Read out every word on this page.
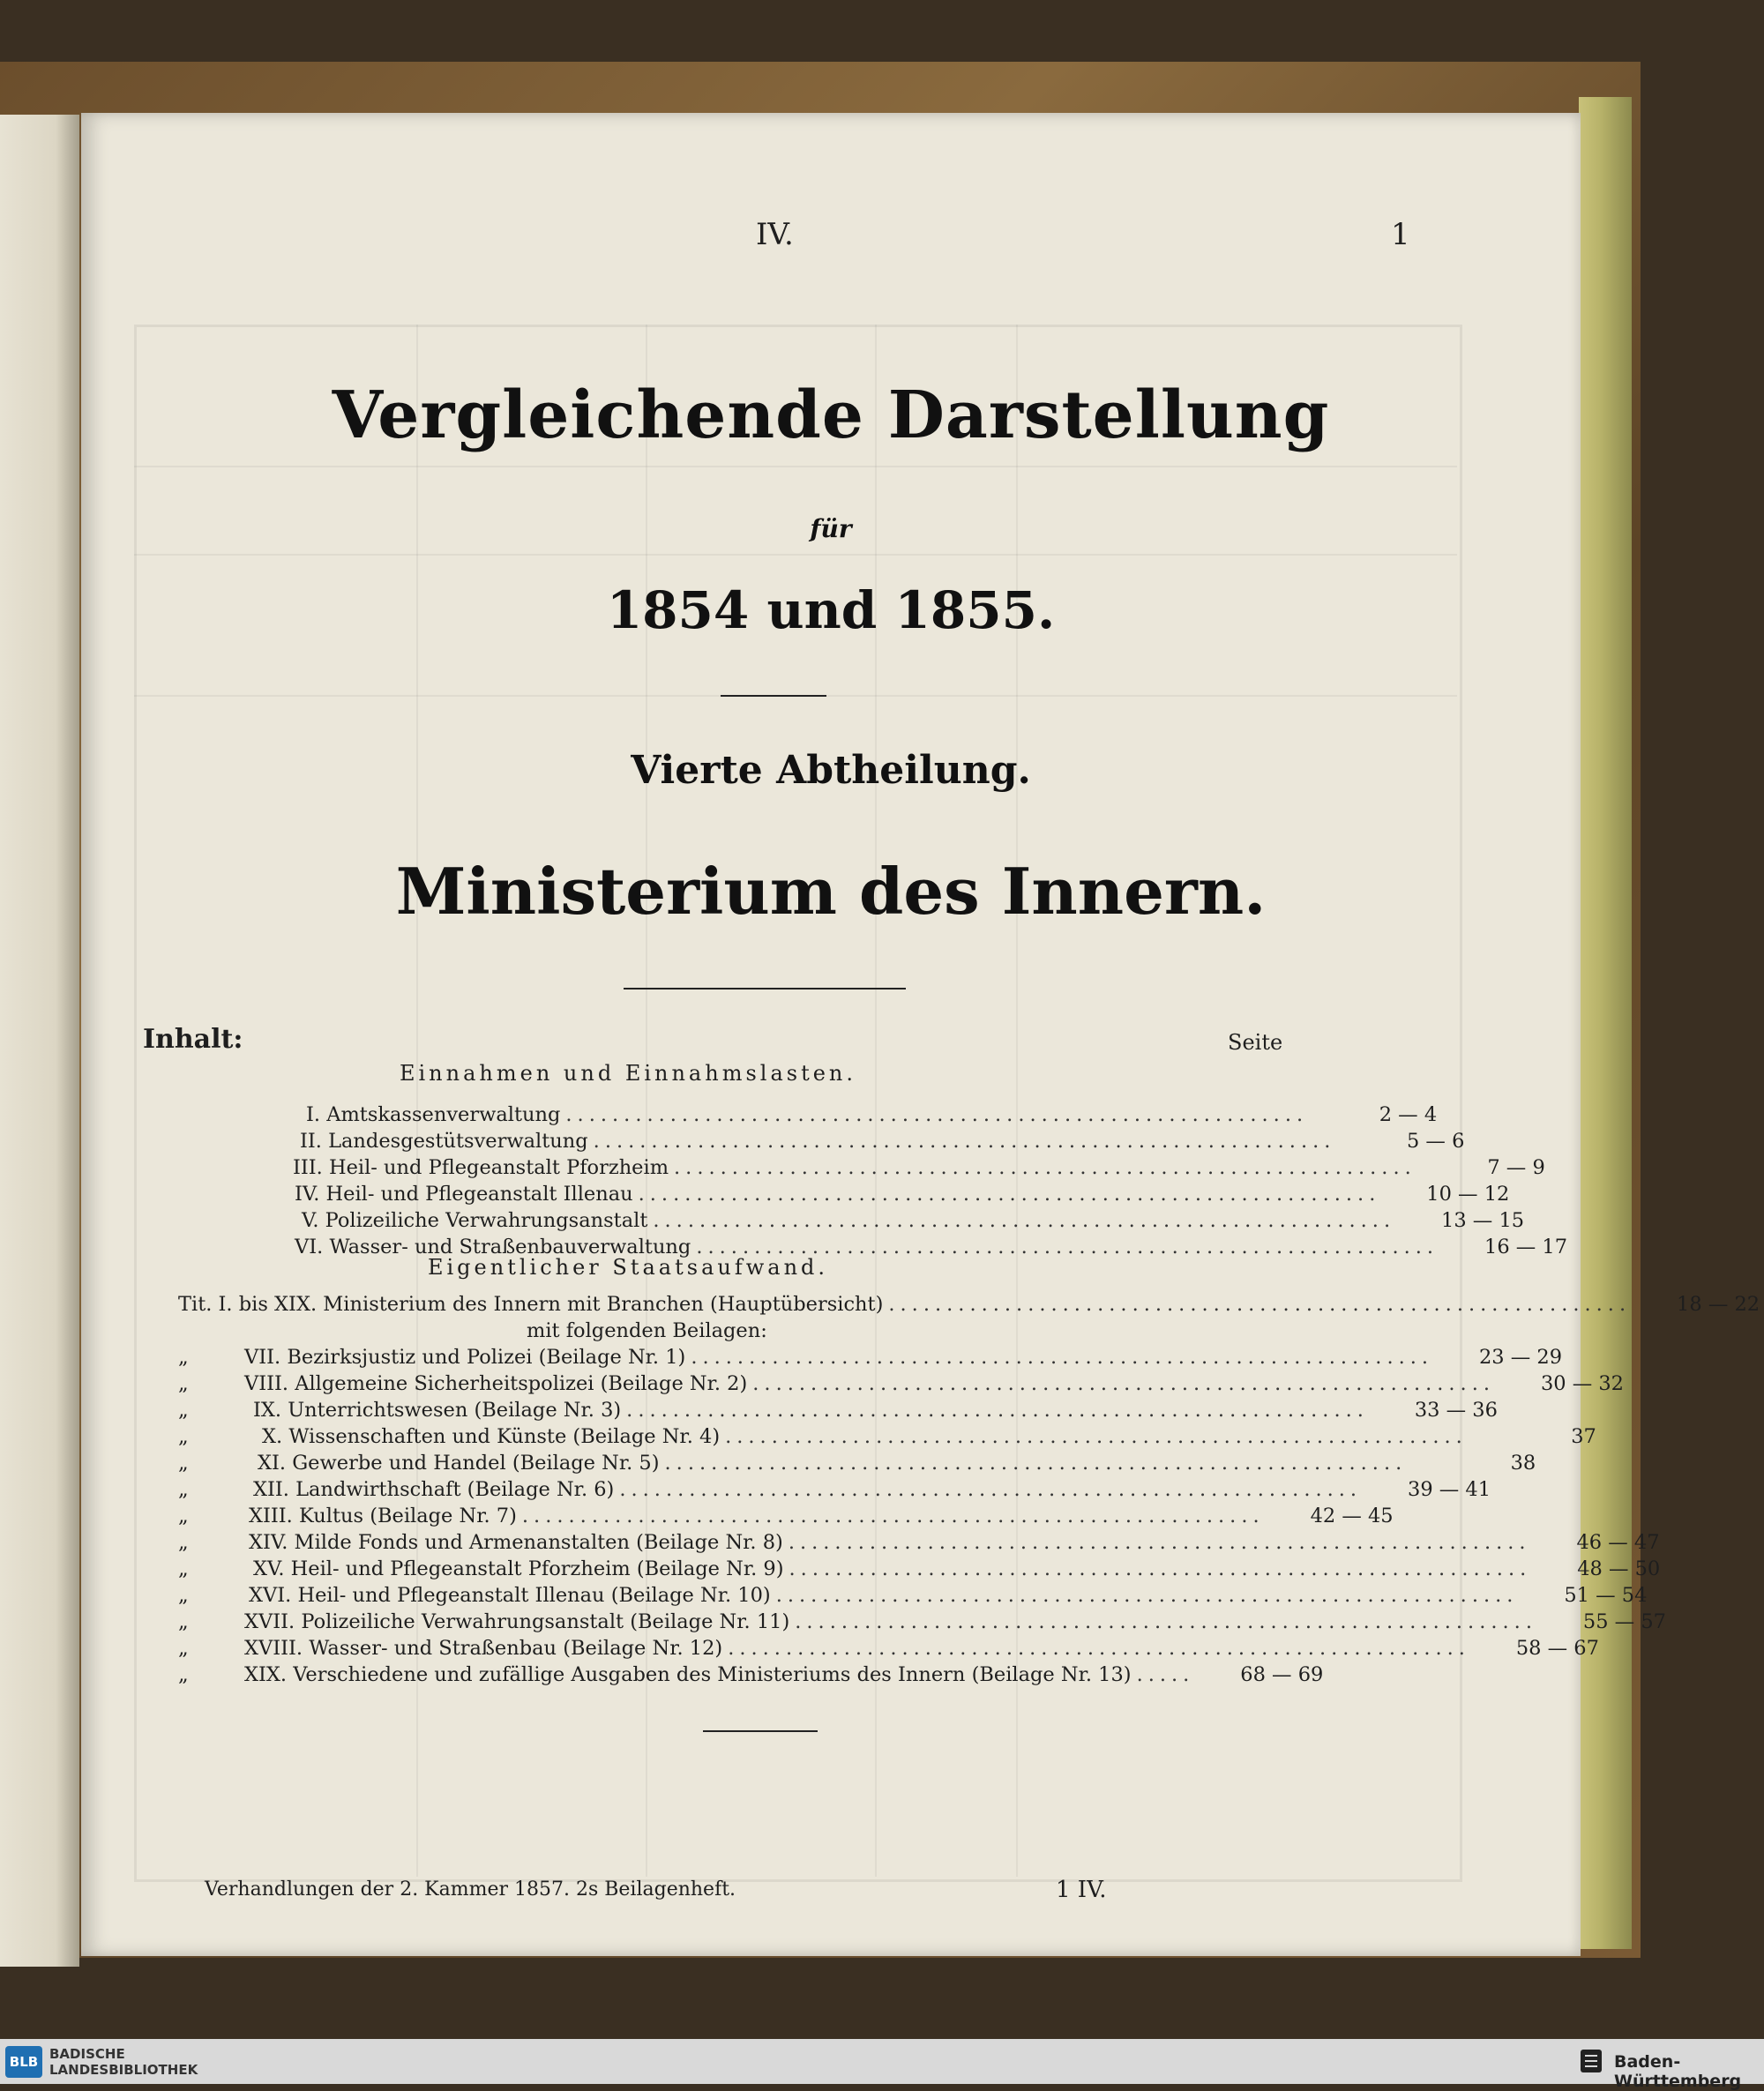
IV.	1
Vergleichende Darstellung
für
1854 und 1855.
Vierte Abtheilung.
Ministerium des Innern.
Inhalt:	Seite
Einnahmen und Einnahmslasten.
Eigentlicher Staatsaufwand.
I. Amtskassenverwaltung ................................................................	2 — 4
II. Landesgestütsverwaltung ................................................................	5 — 6
III. Heil- und Pflegeanstalt Pforzheim ................................................................	7 — 9
IV. Heil- und Pflegeanstalt Illenau ................................................................	10 — 12
V. Polizeiliche Verwahrungsanstalt ................................................................	13 — 15
VI. Wasser- und Straßenbauverwaltung ................................................................	16 — 17
Tit. I. bis XIX. Ministerium des Innern mit Branchen (Hauptübersicht) ................................................................	18 — 22
mit folgenden Beilagen:
„	VII. Bezirksjustiz und Polizei (Beilage Nr. 1) ................................................................	23 — 29
„	VIII. Allgemeine Sicherheitspolizei (Beilage Nr. 2) ................................................................	30 — 32
„	IX. Unterrichtswesen (Beilage Nr. 3) ................................................................	33 — 36
„	X. Wissenschaften und Künste (Beilage Nr. 4) ................................................................	37
„	XI. Gewerbe und Handel (Beilage Nr. 5) ................................................................	38
„	XII. Landwirthschaft (Beilage Nr. 6) ................................................................	39 — 41
„	XIII. Kultus (Beilage Nr. 7) ................................................................	42 — 45
„	XIV. Milde Fonds und Armenanstalten (Beilage Nr. 8) ................................................................	46 — 47
„	XV. Heil- und Pflegeanstalt Pforzheim (Beilage Nr. 9) ................................................................	48 — 50
„	XVI. Heil- und Pflegeanstalt Illenau (Beilage Nr. 10) ................................................................	51 — 54
„	XVII. Polizeiliche Verwahrungsanstalt (Beilage Nr. 11) ................................................................	55 — 57
„	XVIII. Wasser- und Straßenbau (Beilage Nr. 12) ................................................................	58 — 67
„	XIX. Verschiedene und zufällige Ausgaben des Ministeriums des Innern (Beilage Nr. 13) .....	68 — 69
Verhandlungen der 2. Kammer 1857. 2s Beilagenheft.	1 IV.
BLB BADISCHE
LANDESBIBLIOTHEK	Baden-Württemberg
